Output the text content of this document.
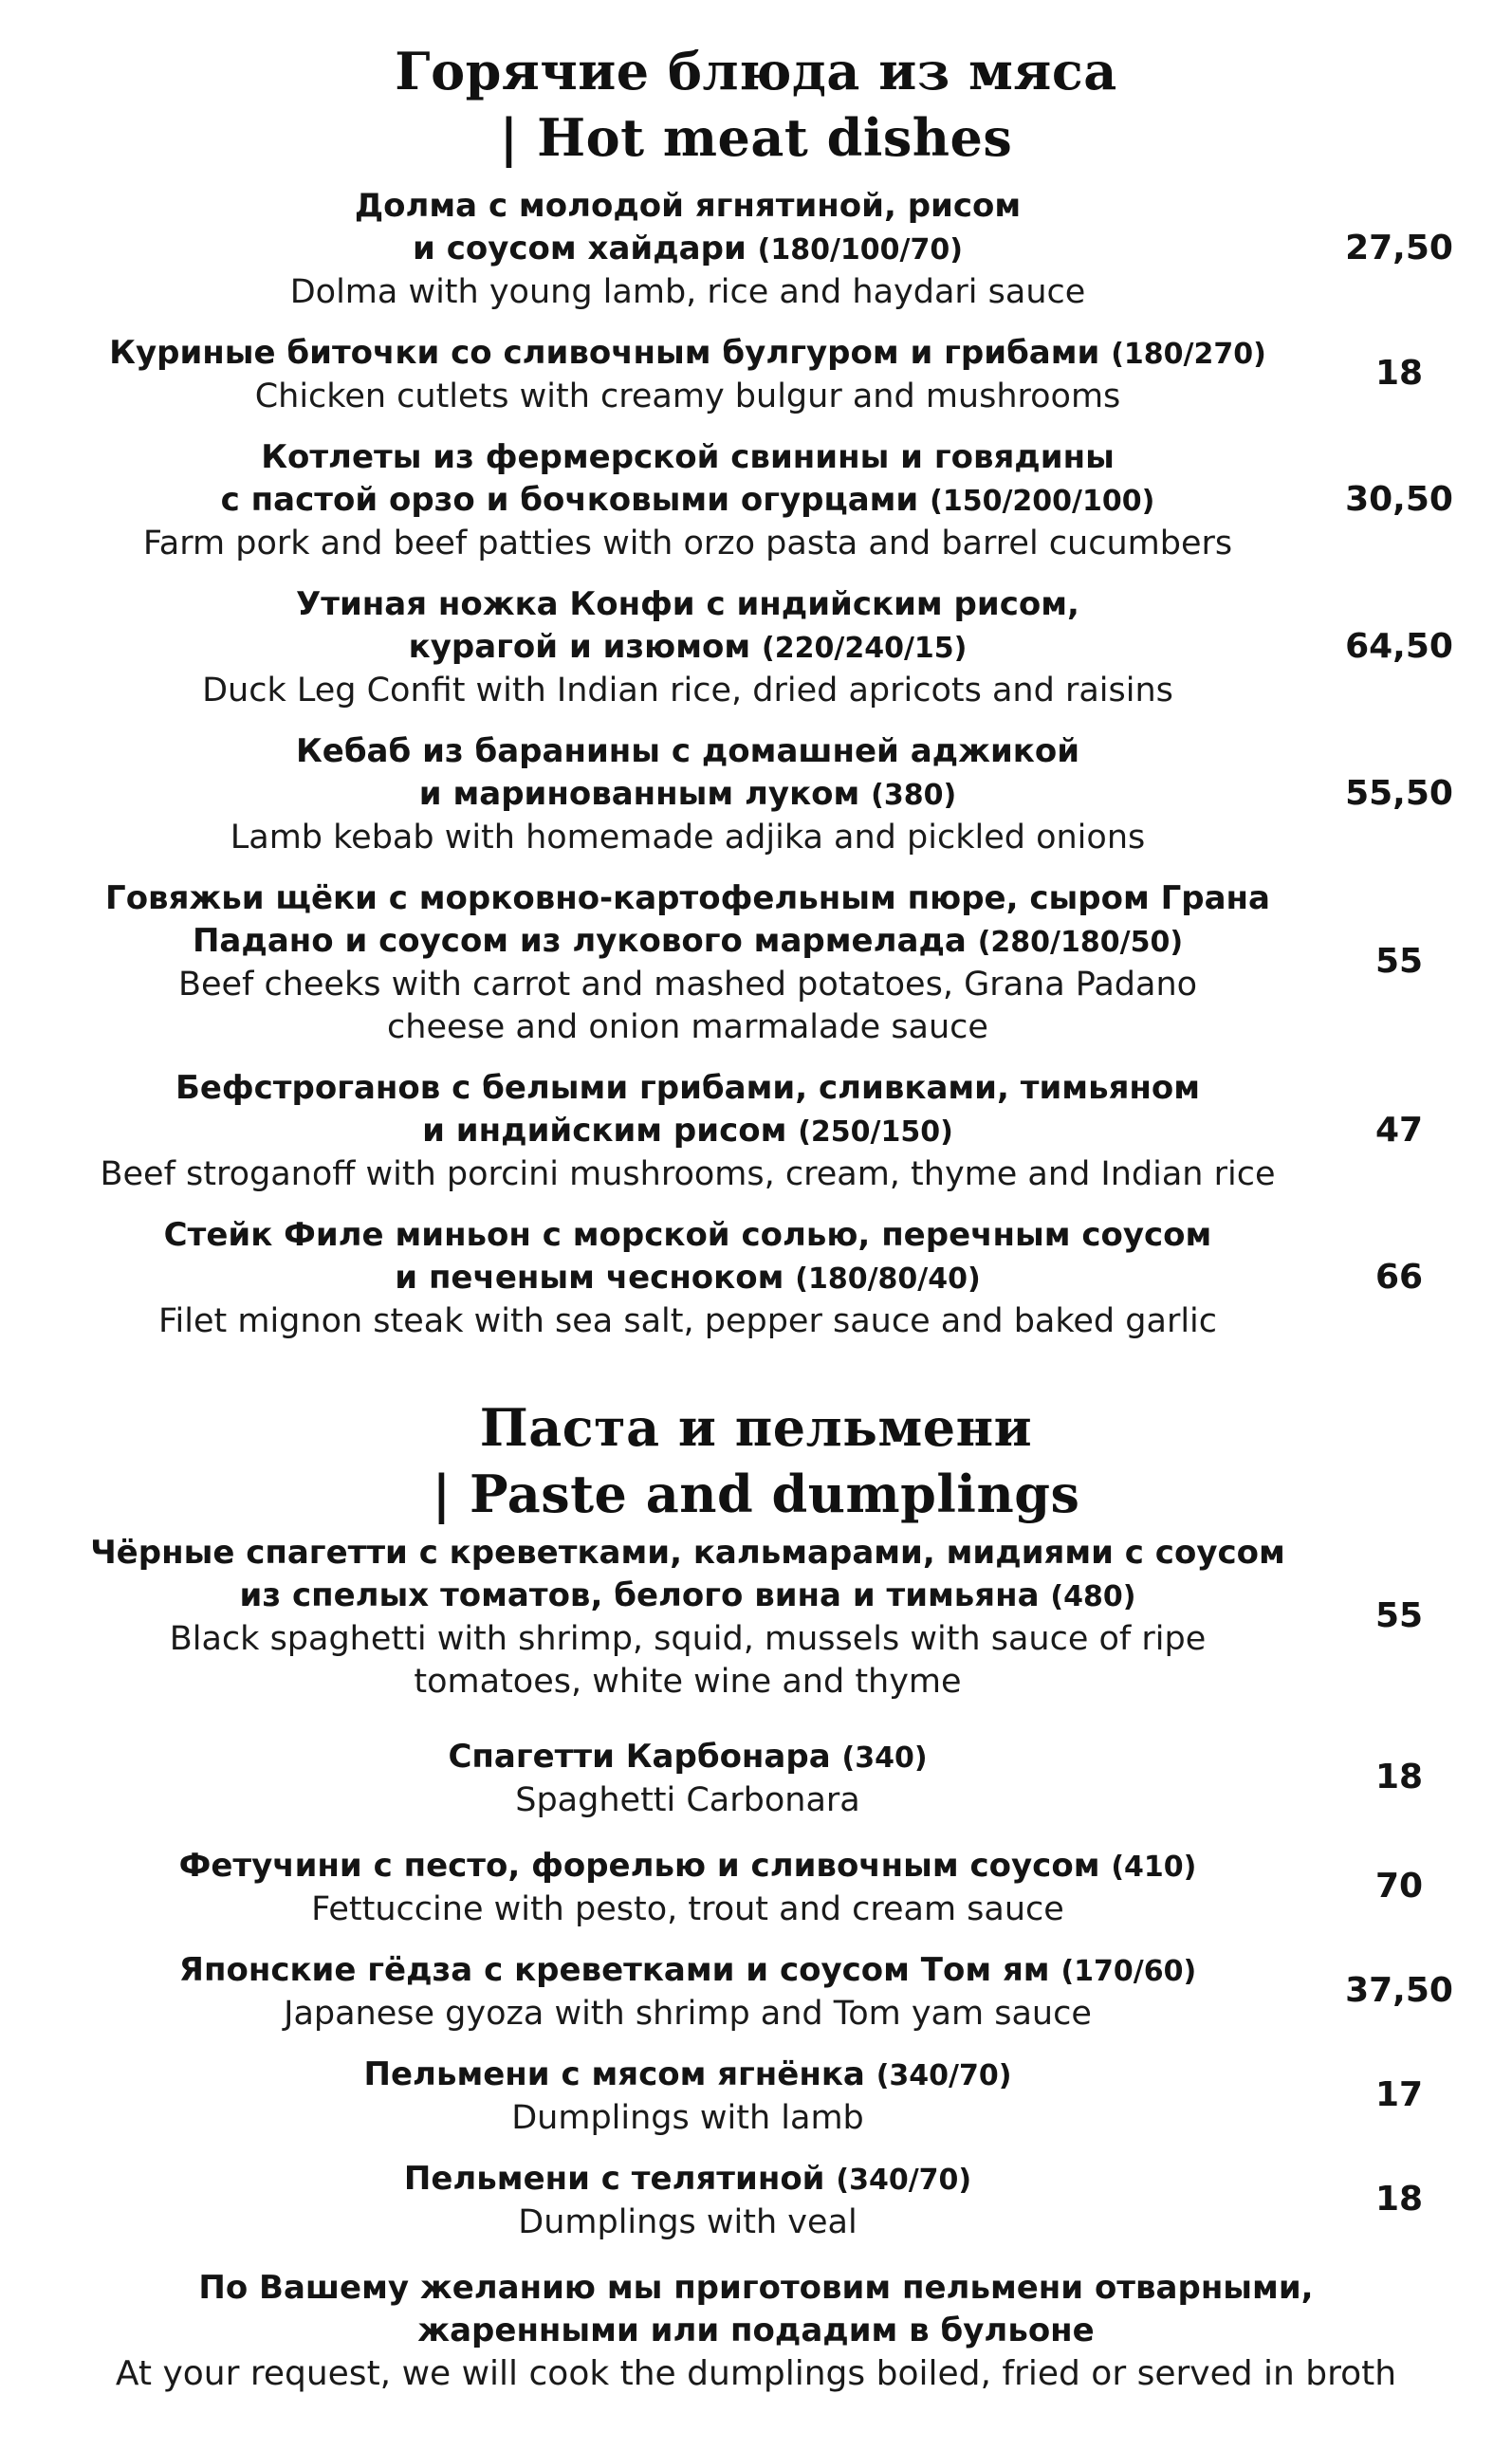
Горячие блюда из мяса
| Hot meat dishes
Долма с молодой ягнятиной, рисом
и соусом хайдари (180/100/70)
Dolma with young lamb, rice and haydari sauce
27,50
Куриные биточки со сливочным булгуром и грибами (180/270)
Chicken cutlets with creamy bulgur and mushrooms
18
Котлеты из фермерской свинины и говядины
с пастой орзо и бочковыми огурцами (150/200/100)
Farm pork and beef patties with orzo pasta and barrel cucumbers
30,50
Утиная ножка Конфи с индийским рисом,
курагой и изюмом (220/240/15)
Duck Leg Confit with Indian rice, dried apricots and raisins
64,50
Кебаб из баранины с домашней аджикой
и маринованным луком (380)
Lamb kebab with homemade adjika and pickled onions
55,50
Говяжьи щёки с морковно-картофельным пюре, сыром Грана
Падано и соусом из лукового мармелада (280/180/50)
Beef cheeks with carrot and mashed potatoes, Grana Padano
cheese and onion marmalade sauce
55
Бефстроганов с белыми грибами, сливками, тимьяном
и индийским рисом (250/150)
Beef stroganoff with porcini mushrooms, cream, thyme and Indian rice
47
Стейк Филе миньон с морской солью, перечным соусом
и печеным чесноком (180/80/40)
Filet mignon steak with sea salt, pepper sauce and baked garlic
66
Паста и пельмени
| Paste and dumplings
Чёрные спагетти с креветками, кальмарами, мидиями с соусом
из спелых томатов, белого вина и тимьяна (480)
Black spaghetti with shrimp, squid, mussels with sauce of ripe
tomatoes, white wine and thyme
55
Спагетти Карбонара (340)
Spaghetti Carbonara
18
Фетучини с песто, форелью и сливочным соусом (410)
Fettuccine with pesto, trout and cream sauce
70
Японские гёдза с креветками и соусом Том ям (170/60)
Japanese gyoza with shrimp and Tom yam sauce
37,50
Пельмени с мясом ягнёнка (340/70)
Dumplings with lamb
17
Пельмени с телятиной (340/70)
Dumplings with veal
18
По Вашему желанию мы приготовим пельмени отварными,
жаренными или подадим в бульоне
At your request, we will cook the dumplings boiled, fried or served in broth
